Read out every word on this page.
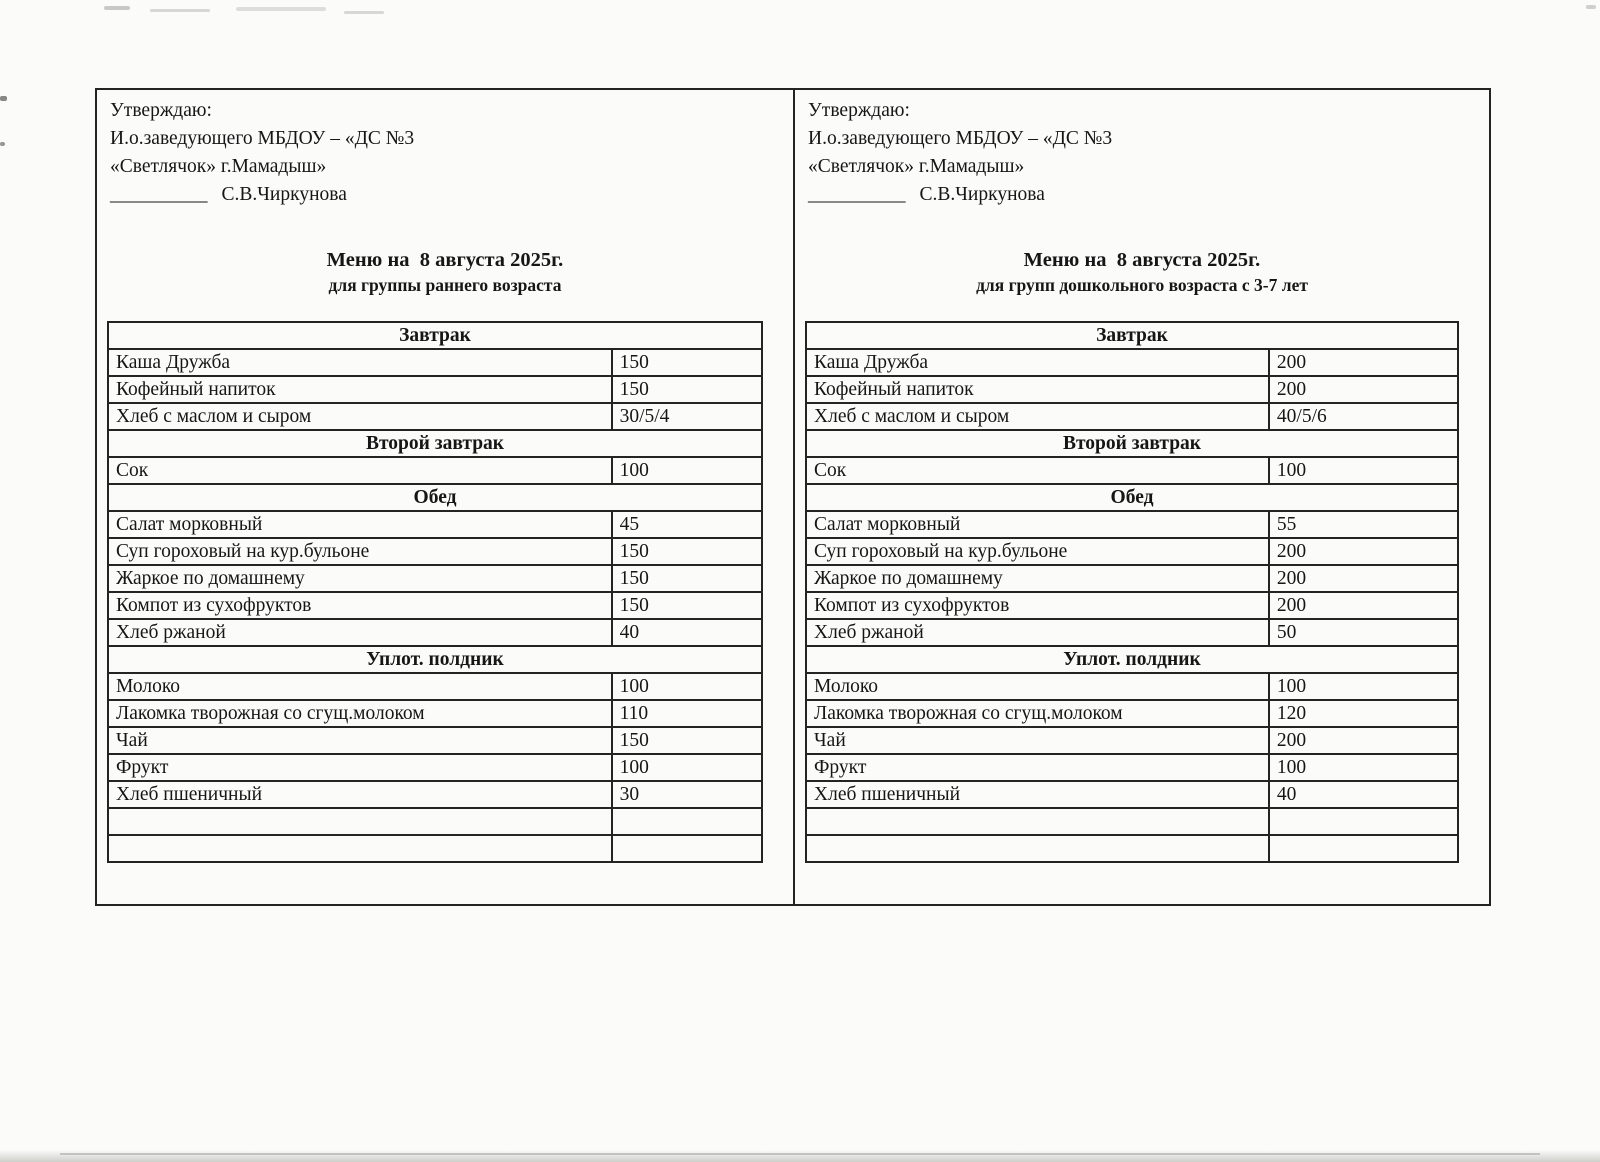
Утверждаю:
И.о.заведующего МБДОУ – «ДС №3
«Светлячок» г.Мамадыш»
__________ С.В.Чиркунова
Меню на  8 августа 2025г.
для группы раннего возраста
Завтрак	
Каша Дружба	150
Кофейный напиток	150
Хлеб с маслом и сыром	30/5/4
Второй завтрак	
Сок	100
Обед	
Салат морковный	45
Суп гороховый на кур.бульоне	150
Жаркое по домашнему	150
Компот из сухофруктов	150
Хлеб ржаной	40
Уплот. полдник	
Молоко	100
Лакомка творожная со сгущ.молоком	110
Чай	150
Фрукт	100
Хлеб пшеничный	30

Утверждаю:
И.о.заведующего МБДОУ – «ДС №3
«Светлячок» г.Мамадыш»
__________ С.В.Чиркунова
Меню на  8 августа 2025г.
для групп дошкольного возраста с 3-7 лет
Завтрак	
Каша Дружба	200
Кофейный напиток	200
Хлеб с маслом и сыром	40/5/6
Второй завтрак	
Сок	100
Обед	
Салат морковный	55
Суп гороховый на кур.бульоне	200
Жаркое по домашнему	200
Компот из сухофруктов	200
Хлеб ржаной	50
Уплот. полдник	
Молоко	100
Лакомка творожная со сгущ.молоком	120
Чай	200
Фрукт	100
Хлеб пшеничный	40
